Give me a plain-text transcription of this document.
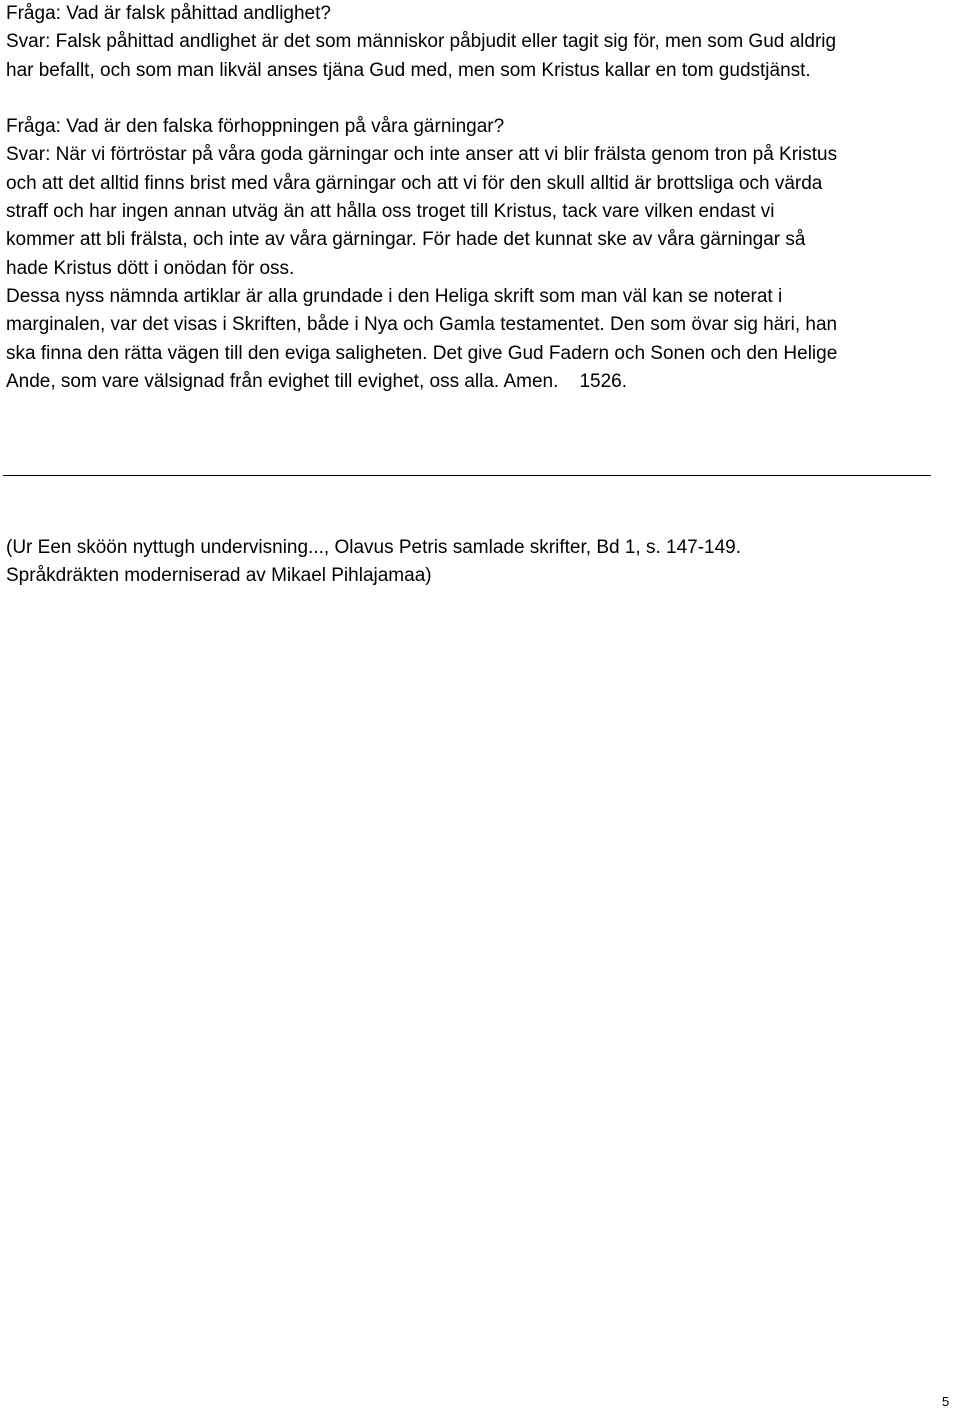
Fråga: Vad är falsk påhittad andlighet?

Svar: Falsk påhittad andlighet är det som människor påbjudit eller tagit sig för, men som Gud aldrig

har befallt, och som man likväl anses tjäna Gud med, men som Kristus kallar en tom gudstjänst.

Fråga: Vad är den falska förhoppningen på våra gärningar?

Svar: När vi förtröstar på våra goda gärningar och inte anser att vi blir frälsta genom tron på Kristus

och att det alltid finns brist med våra gärningar och att vi för den skull alltid är brottsliga och värda

straff och har ingen annan utväg än att hålla oss troget till Kristus, tack vare vilken endast vi

kommer att bli frälsta, och inte av våra gärningar. För hade det kunnat ske av våra gärningar så

hade Kristus dött i onödan för oss.

Dessa nyss nämnda artiklar är alla grundade i den Heliga skrift som man väl kan se noterat i

marginalen, var det visas i Skriften, både i Nya och Gamla testamentet. Den som övar sig häri, han

ska finna den rätta vägen till den eviga saligheten. Det give Gud Fadern och Sonen och den Helige

Ande, som vare välsignad från evighet till evighet, oss alla. Amen.    1526.

(Ur Een sköön nyttugh undervisning..., Olavus Petris samlade skrifter, Bd 1, s. 147-149.

Språkdräkten moderniserad av Mikael Pihlajamaa)

5
